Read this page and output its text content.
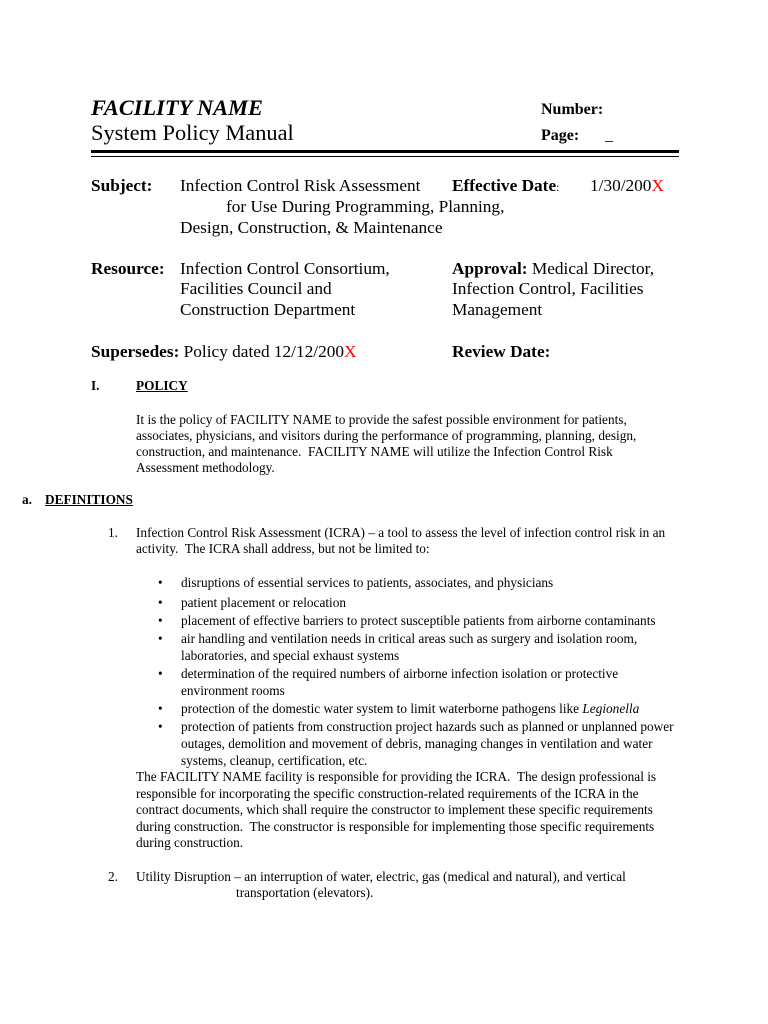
FACILITY NAME
System Policy Manual
Number:
Page: _
Subject: Infection Control Risk Assessment
for Use During Programming, Planning,
Design, Construction, & Maintenance
Effective Date: 1/30/200X
Resource: Infection Control Consortium,
Facilities Council and
Construction Department
Approval: Medical Director,
Infection Control, Facilities
Management
Supersedes: Policy dated 12/12/200X	Review Date:
I.	POLICY
It is the policy of FACILITY NAME to provide the safest possible environment for patients,
associates, physicians, and visitors during the performance of programming, planning, design,
construction, and maintenance.  FACILITY NAME will utilize the Infection Control Risk
Assessment methodology.
a. DEFINITIONS
1. Infection Control Risk Assessment (ICRA) – a tool to assess the level of infection control risk in an
activity.  The ICRA shall address, but not be limited to:
• disruptions of essential services to patients, associates, and physicians
• patient placement or relocation
• placement of effective barriers to protect susceptible patients from airborne contaminants
• air handling and ventilation needs in critical areas such as surgery and isolation room,
laboratories, and special exhaust systems
• determination of the required numbers of airborne infection isolation or protective
environment rooms
• protection of the domestic water system to limit waterborne pathogens like Legionella
• protection of patients from construction project hazards such as planned or unplanned power
outages, demolition and movement of debris, managing changes in ventilation and water
systems, cleanup, certification, etc.
The FACILITY NAME facility is responsible for providing the ICRA.  The design professional is
responsible for incorporating the specific construction-related requirements of the ICRA in the
contract documents, which shall require the constructor to implement these specific requirements
during construction.  The constructor is responsible for implementing those specific requirements
during construction.
2. Utility Disruption – an interruption of water, electric, gas (medical and natural), and vertical
transportation (elevators).
